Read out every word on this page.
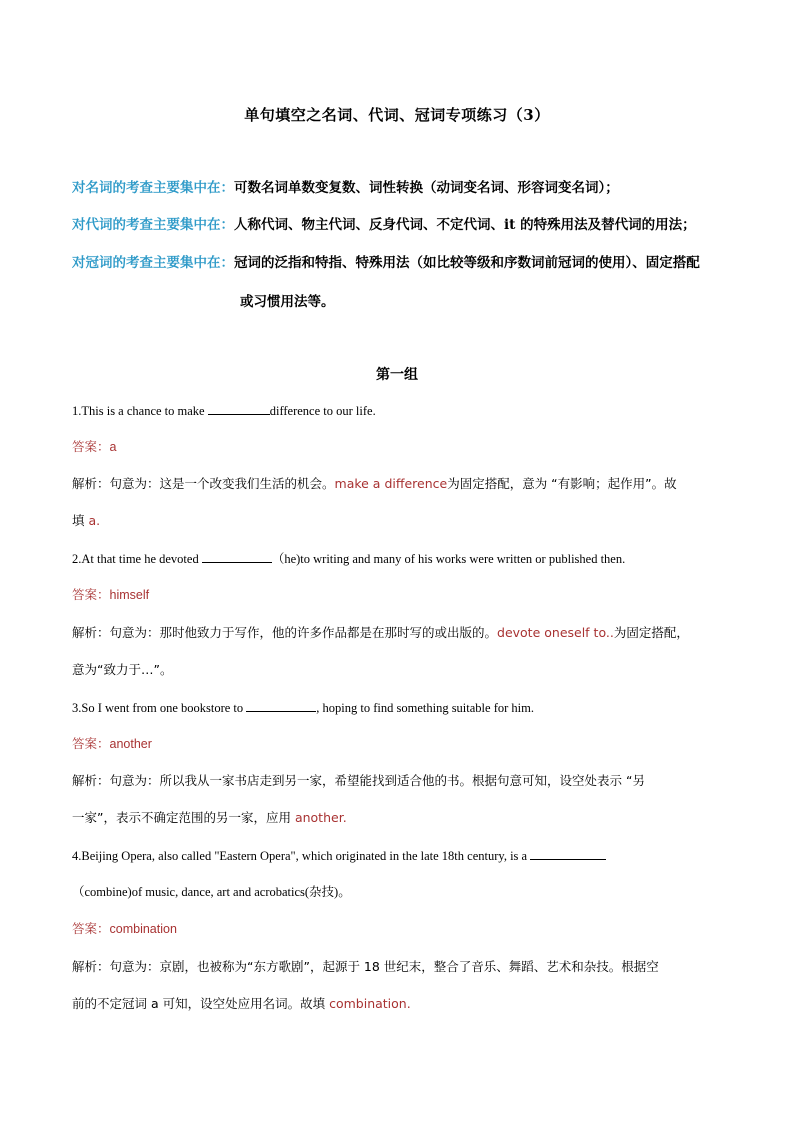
单句填空之名词、代词、冠词专项练习（3）
对名词的考查主要集中在：可数名词单数变复数、词性转换（动词变名词、形容词变名词）；
对代词的考查主要集中在：人称代词、物主代词、反身代词、不定代词、it 的特殊用法及替代词的用法；
对冠词的考查主要集中在：冠词的泛指和特指、特殊用法（如比较等级和序数词前冠词的使用）、固定搭配
或习惯用法等。
第一组
1.This is a chance to make	difference to our life.
答案：a
解析：句意为：这是一个改变我们生活的机会。make a difference为固定搭配，意为 “有影响；起作用”。故
填 a.
2.At that time he devoted	（he)to writing and many of his works were written or published then.
答案：himself
解析：句意为：那时他致力于写作，他的许多作品都是在那时写的或出版的。devote oneself to..为固定搭配，
意为“致力于…”。
3.So I went from one bookstore to	, hoping to find something suitable for him.
答案：another
解析：句意为：所以我从一家书店走到另一家，希望能找到适合他的书。根据句意可知，设空处表示 “另
一家”，表示不确定范围的另一家，应用 another.
4.Beijing Opera, also called "Eastern Opera", which originated in the late 18th century, is a
（combine)of music, dance, art and acrobatics(杂技)。
答案：combination
解析：句意为：京剧，也被称为“东方歌剧”，起源于 18 世纪末，整合了音乐、舞蹈、艺术和杂技。根据空
前的不定冠词 a 可知，设空处应用名词。故填 combination.
